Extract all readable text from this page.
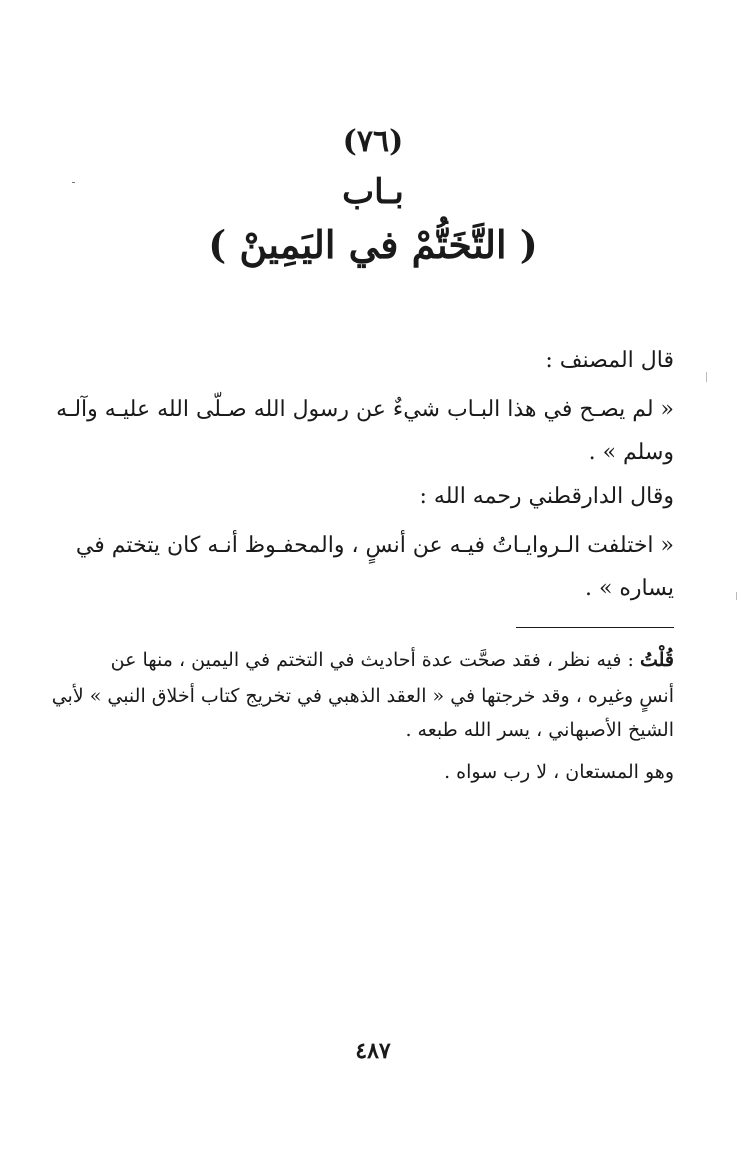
(٧٦)
بـاب
( التَّخَتُّمْ في اليَمِينْ )
قال المصنف :
« لم يصـح في هذا البـاب شيءٌ عن رسول الله صـلّى الله عليـه وآلـه
وسلم » .
وقال الدارقطني رحمه الله :
« اختلفت الـروايـاتُ فيـه عن أنسٍ ، والمحفـوظ أنـه كان يتختم في
يساره » .
قُلْتُ : فيه نظر ، فقد صحَّت عدة أحاديث في التختم في اليمين ، منها عن
أنسٍ وغيره ، وقد خرجتها في « العقد الذهبي في تخريج كتاب أخلاق النبي » لأبي
الشيخ الأصبهاني ، يسر الله طبعه .
وهو المستعان ، لا رب سواه .
٤٨٧
